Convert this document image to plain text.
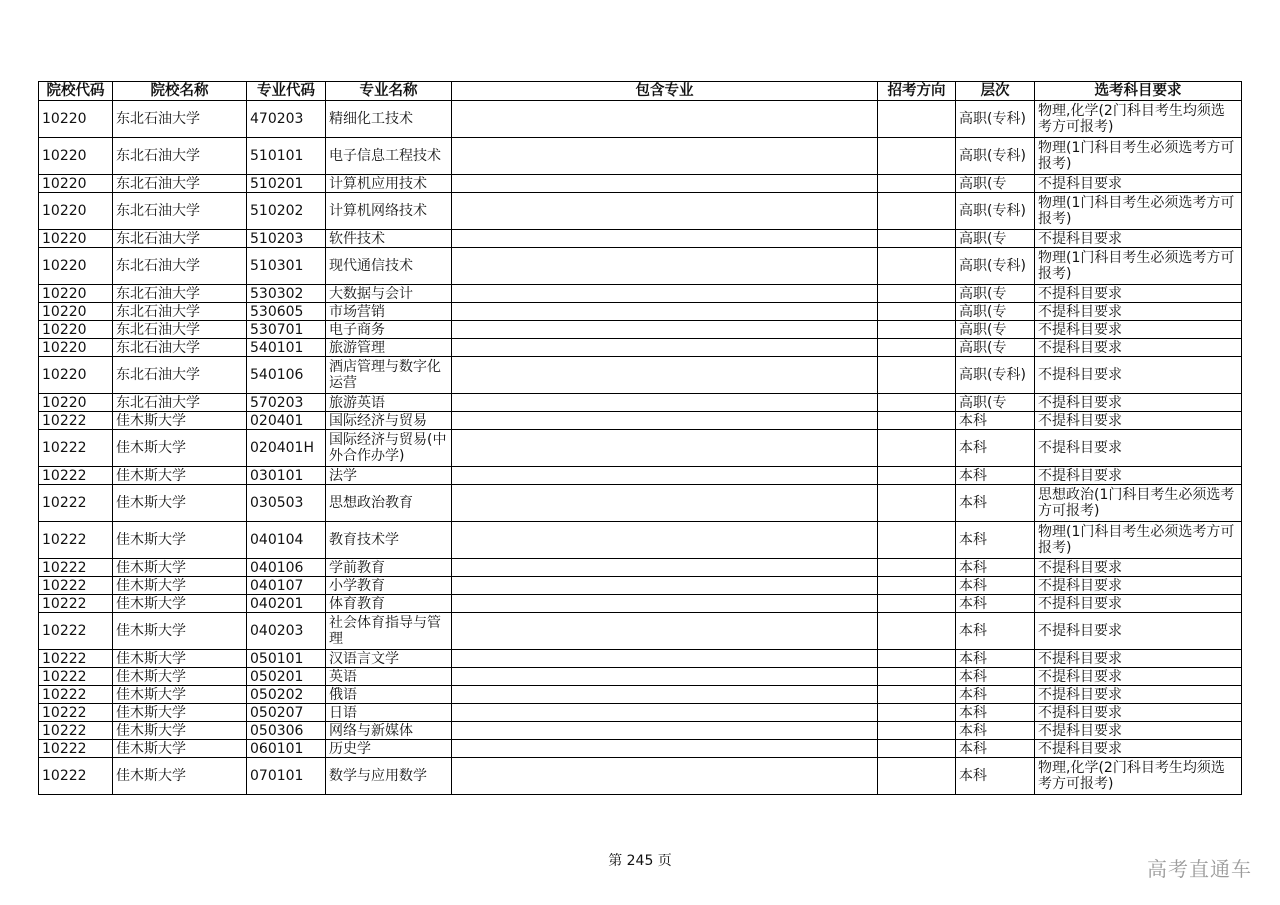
院校代码	院校名称	专业代码	专业名称	包含专业	招考方向	层次	选考科目要求
10220	东北石油大学	470203	精细化工技术			高职(专科)	物理,化学(2门科目考生均须选考方可报考)
10220	东北石油大学	510101	电子信息工程技术			高职(专科)	物理(1门科目考生必须选考方可报考)
10220	东北石油大学	510201	计算机应用技术			高职(专	不提科目要求
10220	东北石油大学	510202	计算机网络技术			高职(专科)	物理(1门科目考生必须选考方可报考)
10220	东北石油大学	510203	软件技术			高职(专	不提科目要求
10220	东北石油大学	510301	现代通信技术			高职(专科)	物理(1门科目考生必须选考方可报考)
10220	东北石油大学	530302	大数据与会计			高职(专	不提科目要求
10220	东北石油大学	530605	市场营销			高职(专	不提科目要求
10220	东北石油大学	530701	电子商务			高职(专	不提科目要求
10220	东北石油大学	540101	旅游管理			高职(专	不提科目要求
10220	东北石油大学	540106	酒店管理与数字化运营			高职(专科)	不提科目要求
10220	东北石油大学	570203	旅游英语			高职(专	不提科目要求
10222	佳木斯大学	020401	国际经济与贸易			本科	不提科目要求
10222	佳木斯大学	020401H	国际经济与贸易(中外合作办学)			本科	不提科目要求
10222	佳木斯大学	030101	法学			本科	不提科目要求
10222	佳木斯大学	030503	思想政治教育			本科	思想政治(1门科目考生必须选考方可报考)
10222	佳木斯大学	040104	教育技术学			本科	物理(1门科目考生必须选考方可报考)
10222	佳木斯大学	040106	学前教育			本科	不提科目要求
10222	佳木斯大学	040107	小学教育			本科	不提科目要求
10222	佳木斯大学	040201	体育教育			本科	不提科目要求
10222	佳木斯大学	040203	社会体育指导与管理			本科	不提科目要求
10222	佳木斯大学	050101	汉语言文学			本科	不提科目要求
10222	佳木斯大学	050201	英语			本科	不提科目要求
10222	佳木斯大学	050202	俄语			本科	不提科目要求
10222	佳木斯大学	050207	日语			本科	不提科目要求
10222	佳木斯大学	050306	网络与新媒体			本科	不提科目要求
10222	佳木斯大学	060101	历史学			本科	不提科目要求
10222	佳木斯大学	070101	数学与应用数学			本科	物理,化学(2门科目考生均须选考方可报考)
第 245 页	高考直通车
